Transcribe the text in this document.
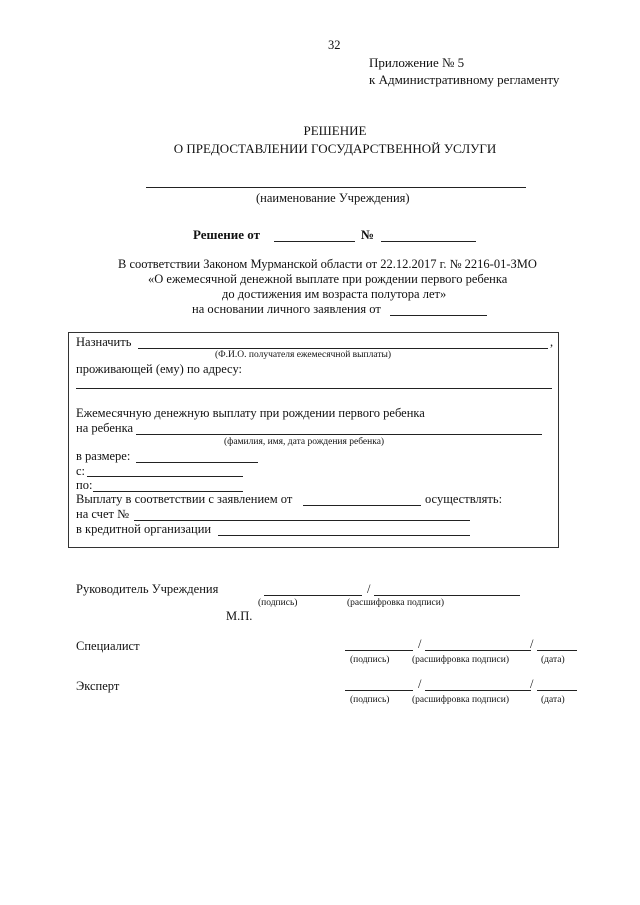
32
Приложение № 5
к Административному регламенту
РЕШЕНИЕ
О ПРЕДОСТАВЛЕНИИ ГОСУДАРСТВЕННОЙ УСЛУГИ
(наименование Учреждения)
Решение от	№
В соответствии Законом Мурманской области от 22.12.2017 г. № 2216-01-ЗМО
«О ежемесячной денежной выплате при рождении первого ребенка
до достижения им возраста полутора лет»
на основании личного заявления от
Назначить	,
(Ф.И.О. получателя ежемесячной выплаты)
проживающей (ему) по адресу:
Ежемесячную денежную выплату при рождении первого ребенка
на ребенка
(фамилия, имя, дата рождения ребенка)
в размере:
с:
по:
Выплату в соответствии с заявлением от	осуществлять:
на счет №
в кредитной организации
Руководитель Учреждения	/
(подпись)	(расшифровка подписи)
М.П.
Специалист	/	/
(подпись) (расшифровка подписи)	(дата)
Эксперт	/	/
(подпись) (расшифровка подписи)	(дата)
